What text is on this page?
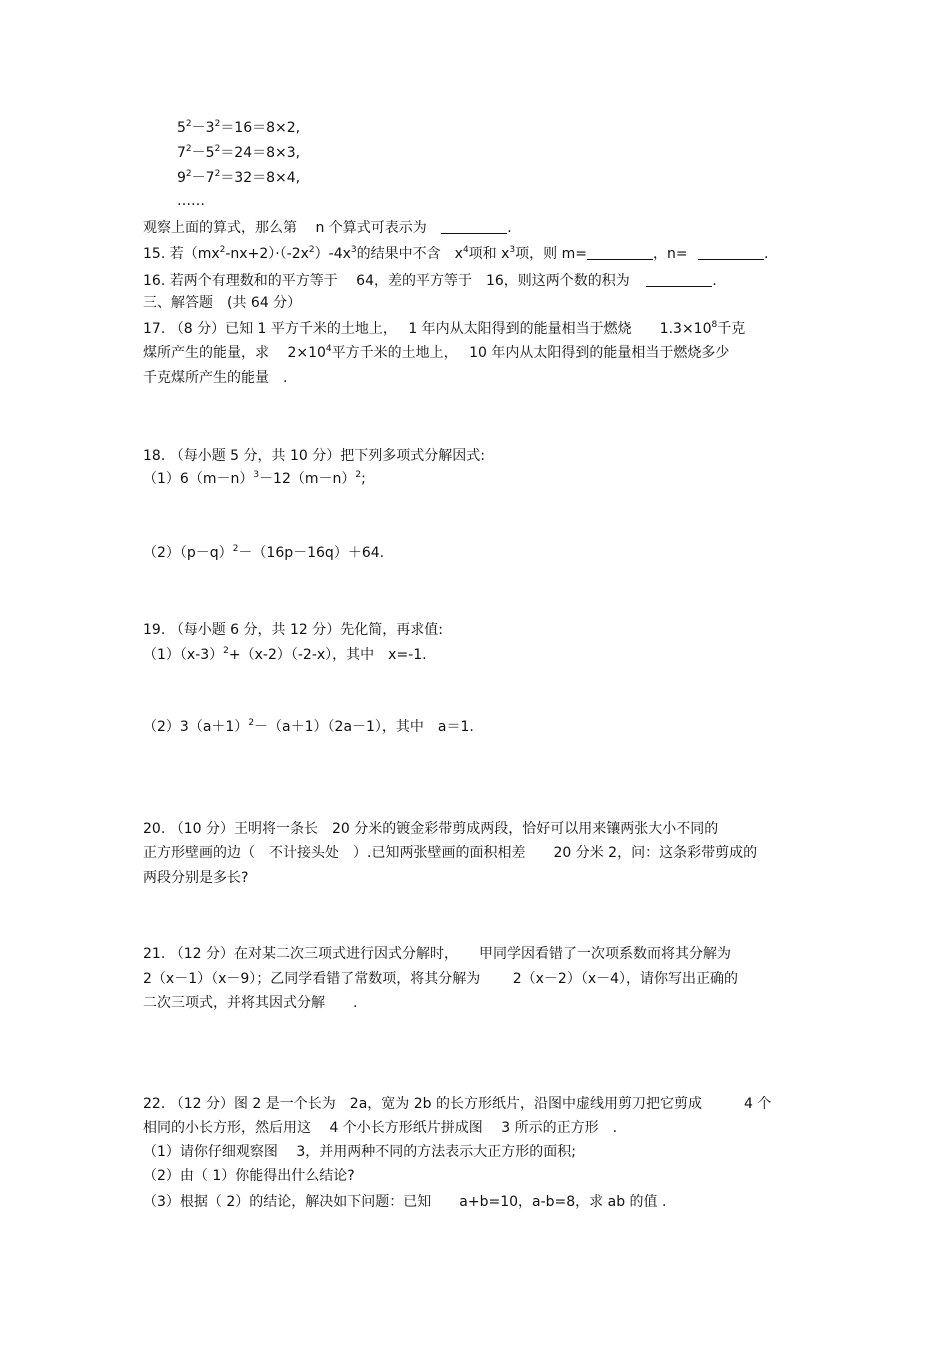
$5^2-3^2=16=8\times 2$,
$7^2-5^2=24=8\times 3$,
$9^2-7^2=32=8\times 4$,
……
观察上面的算式，那么第　 n 个算式可表示为	.
15. 若$(mx^2-nx+2)\cdot(-2x^2)-4x^3$的结果中不含　$x^4$项和 $x^3$项，则 m=	，n=	.
16. 若两个有理数和的平方等于　 64，差的平方等于　16，则这两个数的积为	.
三、解答题　(共 64 分）
17. （8 分）已知 1 平方千米的土地上，　 1 年内从太阳得到的能量相当于燃烧　　$1.3\times 10^8$千克
煤所产生的能量，求　 $2\times 10^4$平方千米的土地上，　 10 年内从太阳得到的能量相当于燃烧多少
千克煤所产生的能量　.
18. （每小题 5 分，共 10 分）把下列多项式分解因式:
$(1)6(m-n)^3-12(m-n)^2$;
$(2)(p-q)^2-(16p-16q)+64$.
19. （每小题 6 分，共 12 分）先化简，再求值:
$(1)(x-3)^2+(x-2)(-2-x)$，其中　x=-1.
$(2)3(a+1)^2-(a+1)(2a-1)$，其中　a＝1.
20. （10 分）王明将一条长　20 分米的镀金彩带剪成两段，恰好可以用来镶两张大小不同的
正方形壁画的边（　不计接头处　）.已知两张壁画的面积相差　　20 分米 2，问：这条彩带剪成的
两段分别是多长?
21. （12 分）在对某二次三项式进行因式分解时，　　甲同学因看错了一次项系数而将其分解为
2（x－1）（x－9）；乙同学看错了常数项，将其分解为　　 2（x－2）（x－4），请你写出正确的
二次三项式，并将其因式分解　　.
22. （12 分）图 2 是一个长为　2a，宽为 2b 的长方形纸片，沿图中虚线用剪刀把它剪成　　　4 个
相同的小长方形，然后用这　 4 个小长方形纸片拼成图　 3 所示的正方形　.
（1）请你仔细观察图　 3，并用两种不同的方法表示大正方形的面积;
（2）由（ 1）你能得出什么结论?
（3）根据（ 2）的结论，解决如下问题：已知　　a+b=10，a-b=8，求 ab 的值 .
